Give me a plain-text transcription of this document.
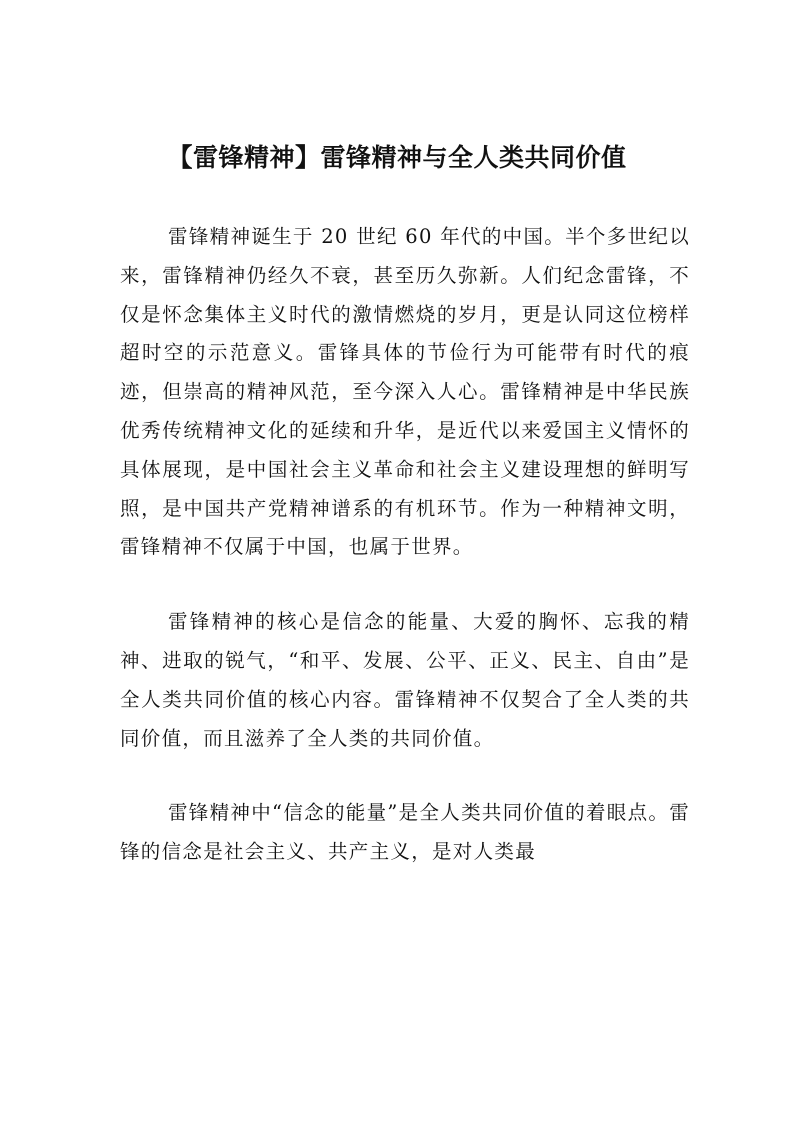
【雷锋精神】雷锋精神与全人类共同价值

雷锋精神诞生于 20 世纪 60 年代的中国。半个多世纪以来，雷锋精神仍经久不衰，甚至历久弥新。人们纪念雷锋，不仅是怀念集体主义时代的激情燃烧的岁月，更是认同这位榜样超时空的示范意义。雷锋具体的节俭行为可能带有时代的痕迹，但崇高的精神风范，至今深入人心。雷锋精神是中华民族优秀传统精神文化的延续和升华，是近代以来爱国主义情怀的具体展现，是中国社会主义革命和社会主义建设理想的鲜明写照，是中国共产党精神谱系的有机环节。作为一种精神文明，雷锋精神不仅属于中国，也属于世界。

雷锋精神的核心是信念的能量、大爱的胸怀、忘我的精神、进取的锐气，“和平、发展、公平、正义、民主、自由”是全人类共同价值的核心内容。雷锋精神不仅契合了全人类的共同价值，而且滋养了全人类的共同价值。

雷锋精神中“信念的能量”是全人类共同价值的着眼点。雷锋的信念是社会主义、共产主义，是对人类最
